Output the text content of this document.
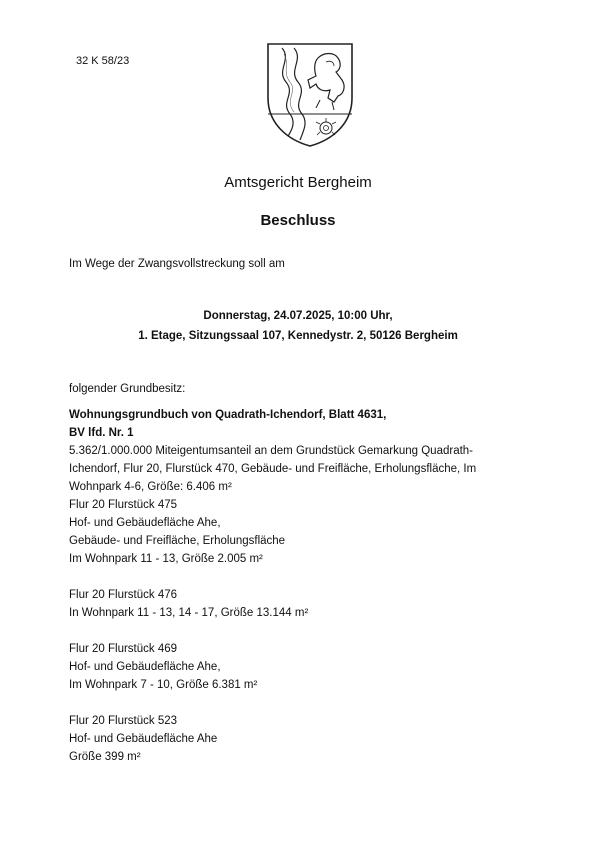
32 K 58/23
Amtsgericht Bergheim
Beschluss
Im Wege der Zwangsvollstreckung soll am
Donnerstag, 24.07.2025, 10:00 Uhr,
1. Etage, Sitzungssaal 107, Kennedystr. 2, 50126 Bergheim

folgender Grundbesitz:

Wohnungsgrundbuch von Quadrath-Ichendorf, Blatt 4631,

BV lfd. Nr. 1

5.362/1.000.000 Miteigentumsanteil an dem Grundstück Gemarkung Quadrath-

Ichendorf, Flur 20, Flurstück 470, Gebäude- und Freifläche, Erholungsfläche, Im

Wohnpark 4-6, Größe: 6.406 m²

Flur 20 Flurstück 475

Hof- und Gebäudefläche Ahe,

Gebäude- und Freifläche, Erholungsfläche

Im Wohnpark 11 - 13, Größe 2.005 m²

Flur 20 Flurstück 476

In Wohnpark 11 - 13, 14 - 17, Größe 13.144 m²

Flur 20 Flurstück 469

Hof- und Gebäudefläche Ahe,

Im Wohnpark 7 - 10, Größe 6.381 m²

Flur 20 Flurstück 523

Hof- und Gebäudefläche Ahe

Größe 399 m²
